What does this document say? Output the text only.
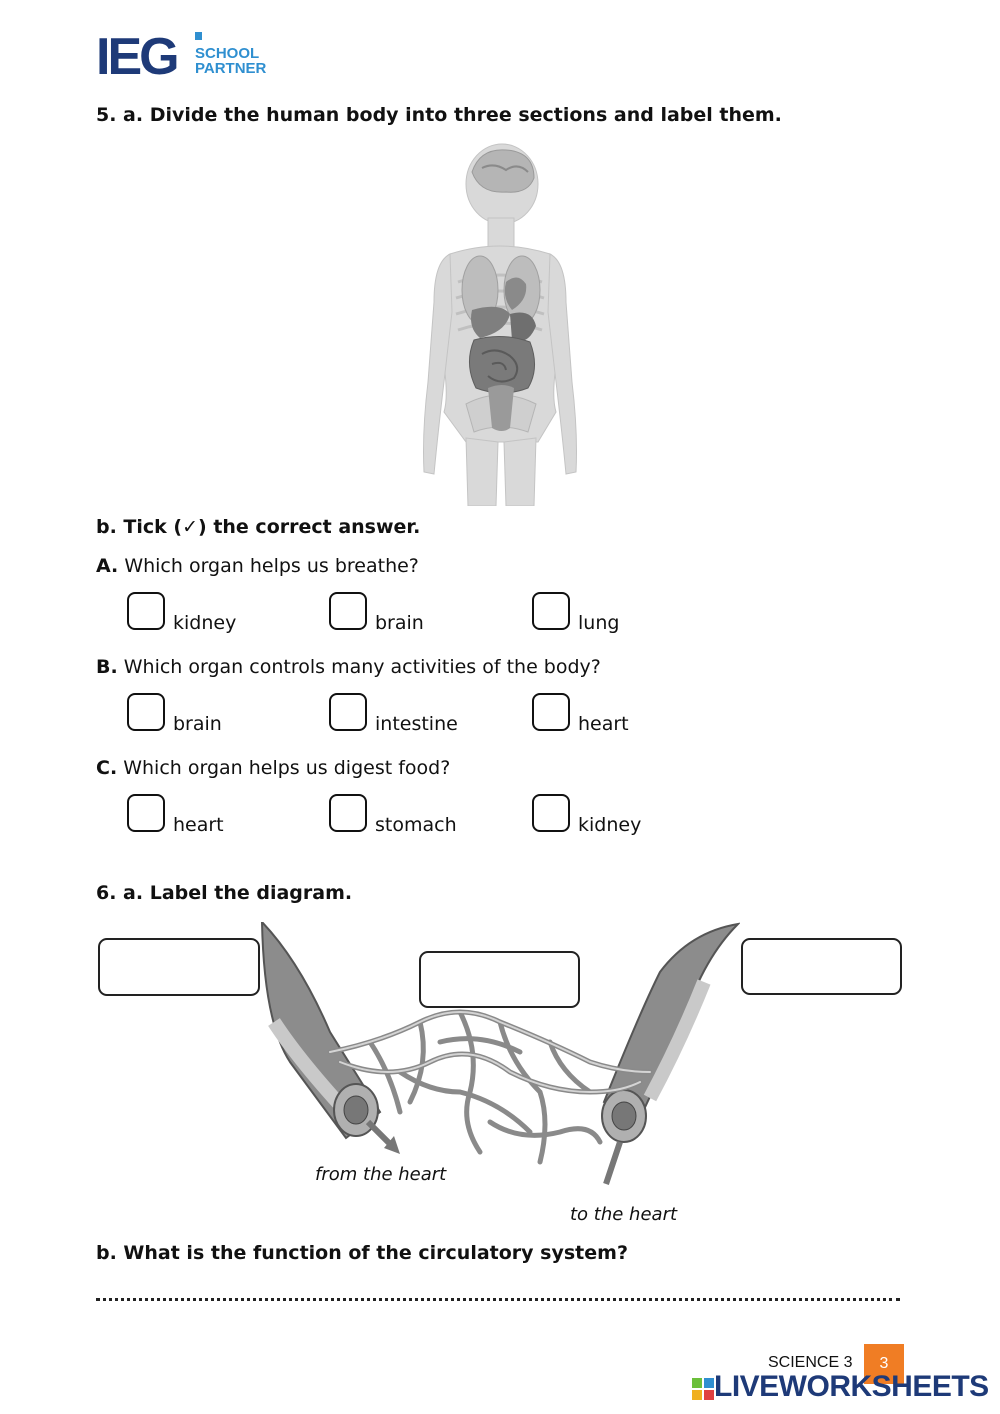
IEG SCHOOL
PARTNER
5. a. Divide the human body into three sections and label them.
b. Tick (✓) the correct answer.
A. Which organ helps us breathe?
kidney	brain	lung
B. Which organ controls many activities of the body?
brain	intestine	heart
C. Which organ helps us digest food?
heart	stomach	kidney
6. a. Label the diagram.
from the heart
to the heart
b. What is the function of the circulatory system?
SCIENCE 3	3
LIVEWORKSHEETS
